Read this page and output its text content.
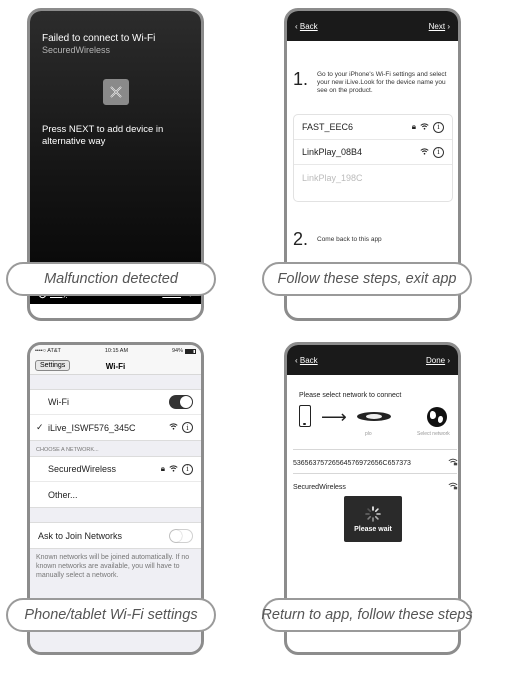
Failed to connect to Wi-Fi
SecuredWireless
Press NEXT to add device in alternative way
Malfunction detected
‹ Back	Next ›
1. Go to your iPhone's Wi-Fi settings and select your new iLive.Look for the device name you see on the product.
FAST_EEC6	🔒︎	i
LinkPlay_08B4	i
LinkPlay_198C
2. Come back to this app
Follow these steps, exit app
••••○ AT&T	10:15 AM	94%
Settings	Wi-Fi
Wi-Fi
✓ iLive_ISWF576_345C	i
CHOOSE A NETWORK...
SecuredWireless	🔒︎	i
Other...
Ask to Join Networks
Known networks will be joined automatically. If no known networks are available, you will have to manually select a network.
Phone/tablet Wi-Fi settings
‹ Back	Done ›
Please select network to connect
⟶
plo	Select network
53656375726564576972656C657373
SecuredWireless
Please wait
Return to app, follow these steps
